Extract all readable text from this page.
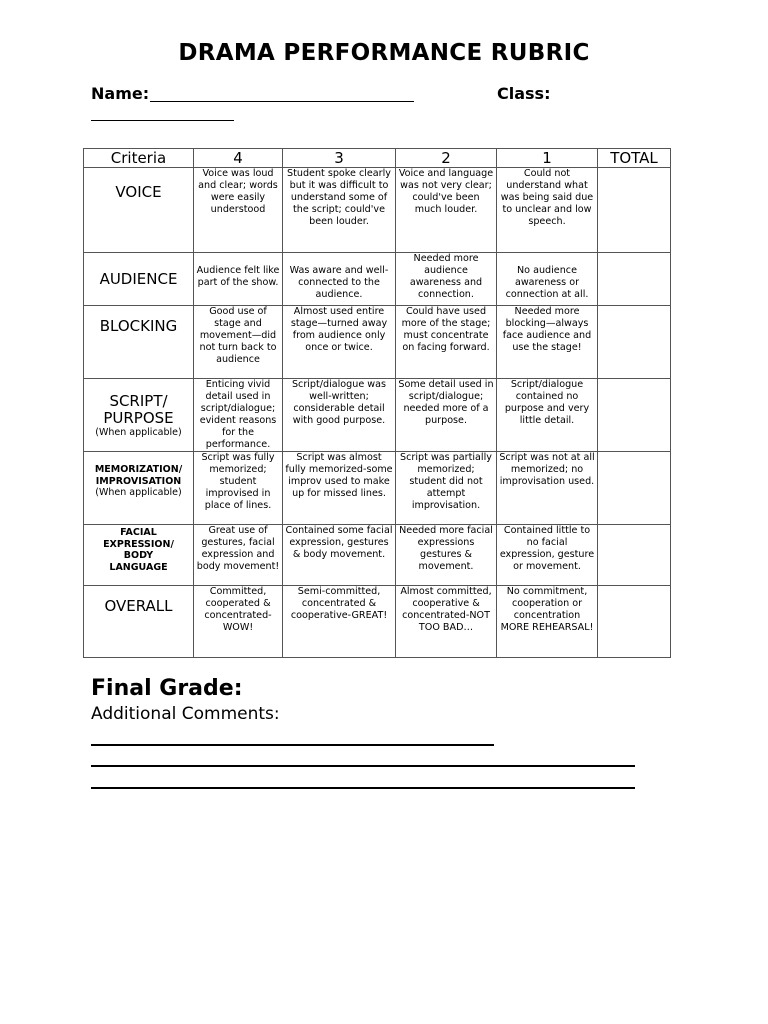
DRAMA PERFORMANCE RUBRIC
Name:	Class:
Criteria	4	3	2	1	TOTAL

VOICE	Voice was loud and clear; words were easily understood	Student spoke clearly but it was difficult to understand some of the script; could've been louder.	Voice and language was not very clear; could've been much louder.	Could not understand what was being said due to unclear and low speech.	

AUDIENCE	Audience felt like part of the show.	Was aware and well-connected to the audience.	Needed more audience awareness and connection.	No audience awareness or connection at all.	

BLOCKING	Good use of stage and movement—did not turn back to audience	Almost used entire stage—turned away from audience only once or twice.	Could have used more of the stage; must concentrate on facing forward.	Needed more blocking—always face audience and use the stage!	

SCRIPT/ PURPOSE
(When applicable)	Enticing vivid detail used in script/dialogue; evident reasons for the performance.	Script/dialogue was well-written; considerable detail with good purpose.	Some detail used in script/dialogue; needed more of a purpose.	Script/dialogue contained no purpose and very little detail.	

MEMORIZATION/ IMPROVISATION
(When applicable)	Script was fully memorized; student improvised in place of lines.	Script was almost fully memorized-some improv used to make up for missed lines.	Script was partially memorized; student did not attempt improvisation.	Script was not at all memorized; no improvisation used.	

FACIAL EXPRESSION/ BODY LANGUAGE	Great use of gestures, facial expression and body movement!	Contained some facial expression, gestures & body movement.	Needed more facial expressions gestures & movement.	Contained little to no facial expression, gesture or movement.	

OVERALL	Committed, cooperated & concentrated-WOW!	Semi-committed, concentrated & cooperative-GREAT!	Almost committed, cooperative & concentrated-NOT TOO BAD…	No commitment, cooperation or concentration MORE REHEARSAL!	
Final Grade:
Additional Comments:
